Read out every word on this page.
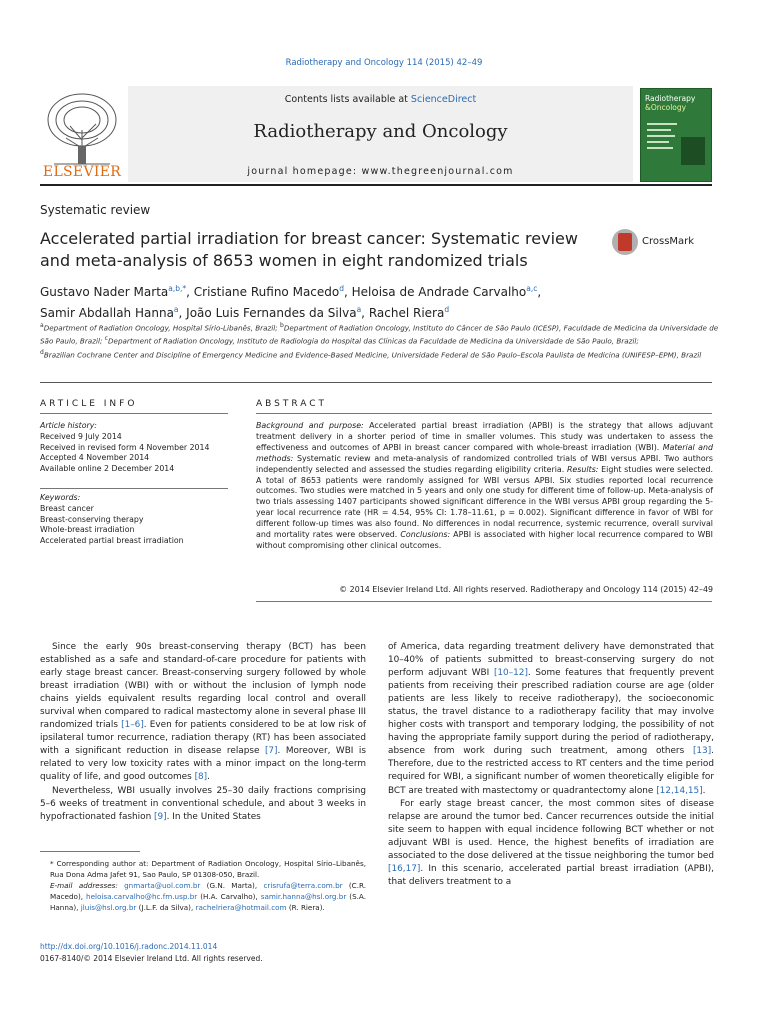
Radiotherapy and Oncology 114 (2015) 42–49
Contents lists available at ScienceDirect
Radiotherapy and Oncology
journal homepage: www.thegreenjournal.com
ELSEVIER
Radiotherapy
&Oncology
Systematic review
Accelerated partial irradiation for breast cancer: Systematic review and meta-analysis of 8653 women in eight randomized trials
CrossMark
Gustavo Nader Marta$^{a,b,*}$, Cristiane Rufino Macedo$^d$, Heloisa de Andrade Carvalho$^{a,c}$,
Samir Abdallah Hanna$^a$, João Luis Fernandes da Silva$^a$, Rachel Riera$^d$
$^a$Department of Radiation Oncology, Hospital Sírio-Libanês, Brazil; $^b$Department of Radiation Oncology, Instituto do Câncer de São Paulo (ICESP), Faculdade de Medicina da Universidade de São Paulo, Brazil; $^c$Department of Radiation Oncology, Instituto de Radiologia do Hospital das Clínicas da Faculdade de Medicina da Universidade de São Paulo, Brazil;
$^d$Brazilian Cochrane Center and Discipline of Emergency Medicine and Evidence-Based Medicine, Universidade Federal de São Paulo–Escola Paulista de Medicina (UNIFESP–EPM), Brazil
ARTICLE INFO
Article history:
Received 9 July 2014
Received in revised form 4 November 2014
Accepted 4 November 2014
Available online 2 December 2014
Keywords:
Breast cancer
Breast-conserving therapy
Whole-breast irradiation
Accelerated partial breast irradiation
ABSTRACT
Background and purpose: Accelerated partial breast irradiation (APBI) is the strategy that allows adjuvant treatment delivery in a shorter period of time in smaller volumes. This study was undertaken to assess the effectiveness and outcomes of APBI in breast cancer compared with whole-breast irradiation (WBI). Material and methods: Systematic review and meta-analysis of randomized controlled trials of WBI versus APBI. Two authors independently selected and assessed the studies regarding eligibility criteria. Results: Eight studies were selected. A total of 8653 patients were randomly assigned for WBI versus APBI. Six studies reported local recurrence outcomes. Two studies were matched in 5 years and only one study for different time of follow-up. Meta-analysis of two trials assessing 1407 participants showed significant difference in the WBI versus APBI group regarding the 5-year local recurrence rate (HR = 4.54, 95% CI: 1.78–11.61, p = 0.002). Significant difference in favor of WBI for different follow-up times was also found. No differences in nodal recurrence, systemic recurrence, overall survival and mortality rates were observed. Conclusions: APBI is associated with higher local recurrence compared to WBI without compromising other clinical outcomes.
© 2014 Elsevier Ireland Ltd. All rights reserved. Radiotherapy and Oncology 114 (2015) 42–49

Since the early 90s breast-conserving therapy (BCT) has been established as a safe and standard-of-care procedure for patients with early stage breast cancer. Breast-conserving surgery followed by whole breast irradiation (WBI) with or without the inclusion of lymph node chains yields equivalent results regarding local control and overall survival when compared to radical mastectomy alone in several phase III randomized trials [1–6]. Even for patients considered to be at low risk of ipsilateral tumor recurrence, radiation therapy (RT) has been associated with a significant reduction in disease relapse [7]. Moreover, WBI is related to very low toxicity rates with a minor impact on the long-term quality of life, and good outcomes [8].

Nevertheless, WBI usually involves 25–30 daily fractions comprising 5–6 weeks of treatment in conventional schedule, and about 3 weeks in hypofractionated fashion [9]. In the United States

of America, data regarding treatment delivery have demonstrated that 10–40% of patients submitted to breast-conserving surgery do not perform adjuvant WBI [10–12]. Some features that frequently prevent patients from receiving their prescribed radiation course are age (older patients are less likely to receive radiotherapy), the socioeconomic status, the travel distance to a radiotherapy facility that may involve higher costs with transport and temporary lodging, the possibility of not having the appropriate family support during the period of radiotherapy, absence from work during such treatment, among others [13]. Therefore, due to the restricted access to RT centers and the time period required for WBI, a significant number of women theoretically eligible for BCT are treated with mastectomy or quadrantectomy alone [12,14,15].

For early stage breast cancer, the most common sites of disease relapse are around the tumor bed. Cancer recurrences outside the initial site seem to happen with equal incidence following BCT whether or not adjuvant WBI is used. Hence, the highest benefits of irradiation are associated to the dose delivered at the tissue neighboring the tumor bed [16,17]. In this scenario, accelerated partial breast irradiation (APBI), that delivers treatment to a

* Corresponding author at: Department of Radiation Oncology, Hospital Sírio–Libanês, Rua Dona Adma Jafet 91, Sao Paulo, SP 01308-050, Brazil.
E-mail addresses: gnmarta@uol.com.br (G.N. Marta), crisrufa@terra.com.br (C.R. Macedo), heloisa.carvalho@hc.fm.usp.br (H.A. Carvalho), samir.hanna@hsl.org.br (S.A. Hanna), jluis@hsl.org.br (J.L.F. da Silva), rachelriera@hotmail.com (R. Riera).
http://dx.doi.org/10.1016/j.radonc.2014.11.014
0167-8140/© 2014 Elsevier Ireland Ltd. All rights reserved.
